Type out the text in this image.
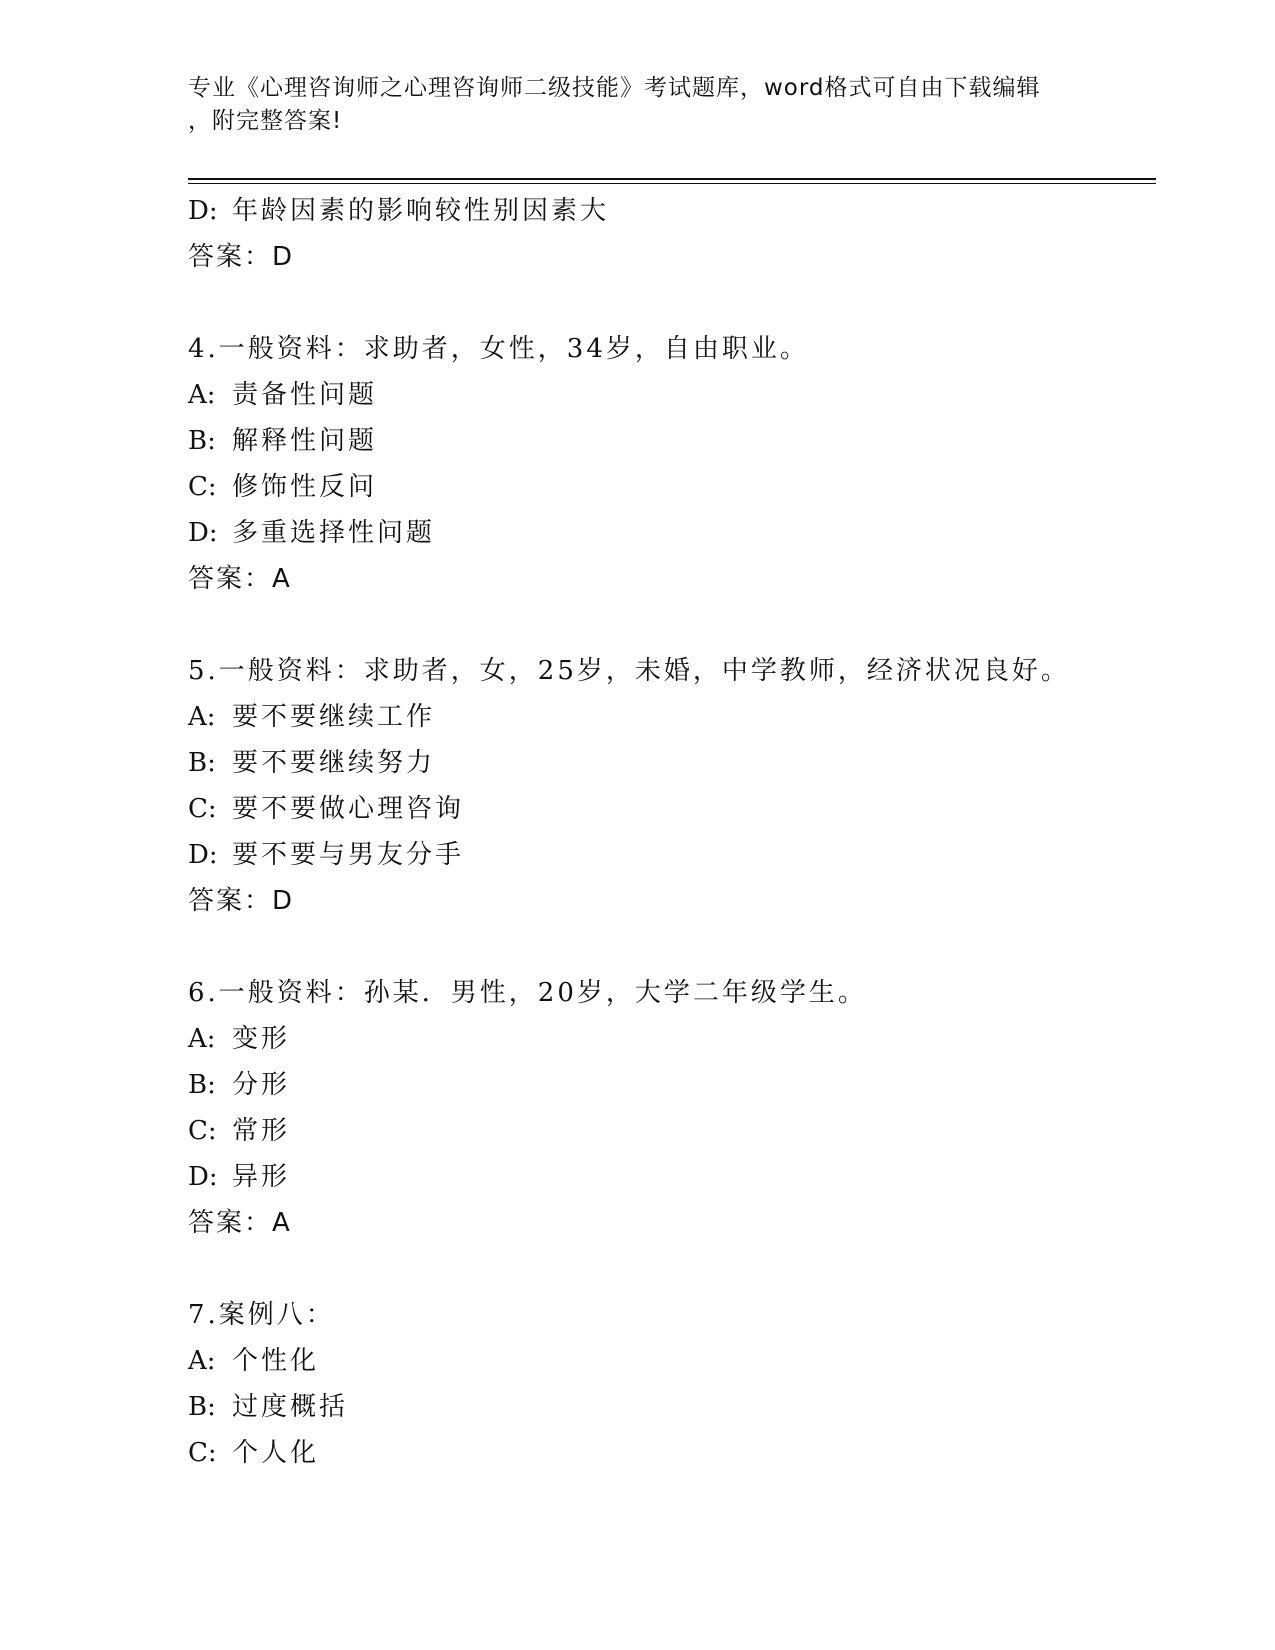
专业《心理咨询师之心理咨询师二级技能》考试题库，word格式可自由下载编辑
，附完整答案!
D: 年龄因素的影响较性别因素大
答案：D
4.一般资料：求助者，女性，34岁，自由职业。
A: 责备性问题
B: 解释性问题
C: 修饰性反问
D: 多重选择性问题
答案：A
5.一般资料：求助者，女，25岁，未婚，中学教师，经济状况良好。
A: 要不要继续工作
B: 要不要继续努力
C: 要不要做心理咨询
D: 要不要与男友分手
答案：D
6.一般资料：孙某．男性，20岁，大学二年级学生。
A: 变形
B: 分形
C: 常形
D: 异形
答案：A
7.案例八：
A: 个性化
B: 过度概括
C: 个人化
